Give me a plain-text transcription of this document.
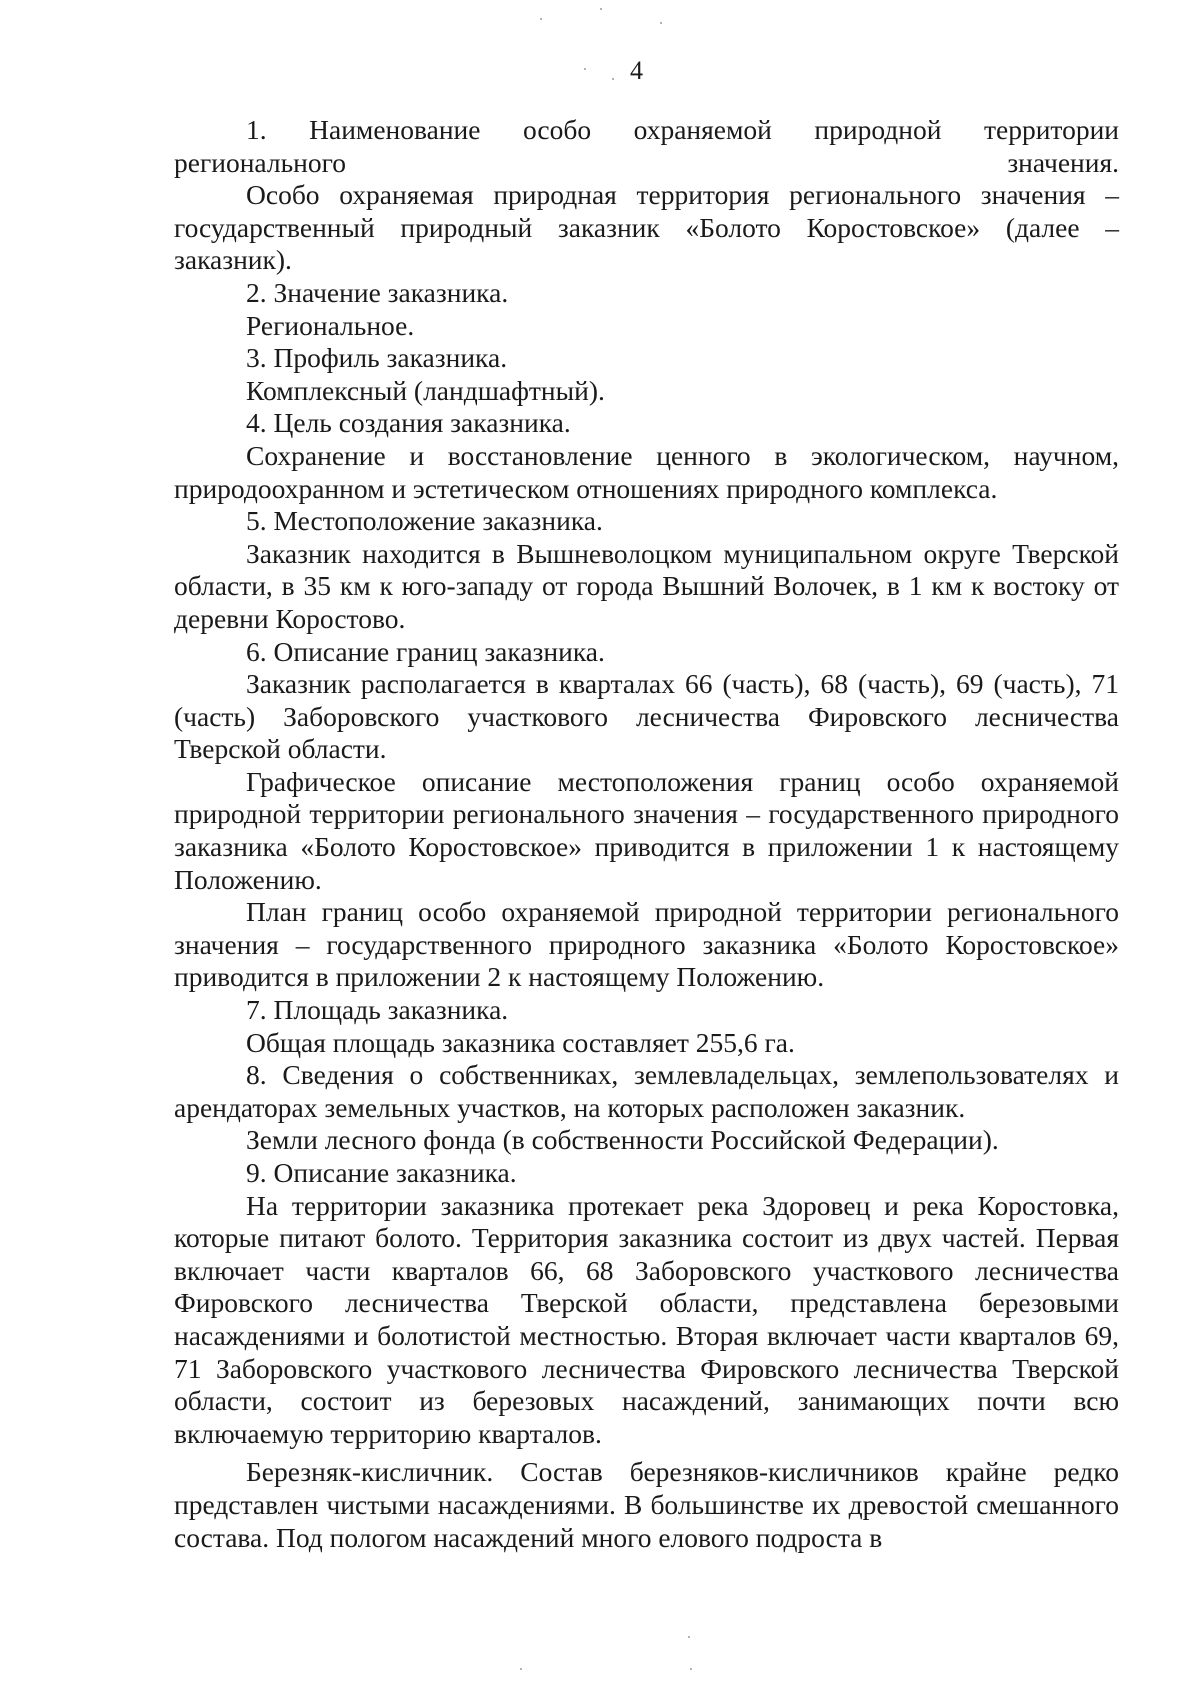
4

1. Наименование особо охраняемой природной территории регионального значения.

Особо охраняемая природная территория регионального значения – государственный природный заказник «Болото Коростовское» (далее – заказник).

2. Значение заказника.

Региональное.

3. Профиль заказника.

Комплексный (ландшафтный).

4. Цель создания заказника.

Сохранение и восстановление ценного в экологическом, научном, природоохранном и эстетическом отношениях природного комплекса.

5. Местоположение заказника.

Заказник находится в Вышневолоцком муниципальном округе Тверской области, в 35 км к юго-западу от города Вышний Волочек, в 1 км к востоку от деревни Коростово.

6. Описание границ заказника.

Заказник располагается в кварталах 66 (часть), 68 (часть), 69 (часть), 71 (часть) Заборовского участкового лесничества Фировского лесничества Тверской области.

Графическое описание местоположения границ особо охраняемой природной территории регионального значения – государственного природного заказника «Болото Коростовское» приводится в приложении 1 к настоящему Положению.

План границ особо охраняемой природной территории регионального значения – государственного природного заказника «Болото Коростовское» приводится в приложении 2 к настоящему Положению.

7. Площадь заказника.

Общая площадь заказника составляет 255,6 га.

8. Сведения о собственниках, землевладельцах, землепользователях и арендаторах земельных участков, на которых расположен заказник.

Земли лесного фонда (в собственности Российской Федерации).

9. Описание заказника.

На территории заказника протекает река Здоровец и река Коростовка, которые питают болото. Территория заказника состоит из двух частей. Первая включает части кварталов 66, 68 Заборовского участкового лесничества Фировского лесничества Тверской области, представлена березовыми насаждениями и болотистой местностью. Вторая включает части кварталов 69, 71 Заборовского участкового лесничества Фировского лесничества Тверской области, состоит из березовых насаждений, занимающих почти всю включаемую территорию кварталов.

Березняк-кисличник. Состав березняков-кисличников крайне редко представлен чистыми насаждениями. В большинстве их древостой смешанного состава. Под пологом насаждений много елового подроста в
